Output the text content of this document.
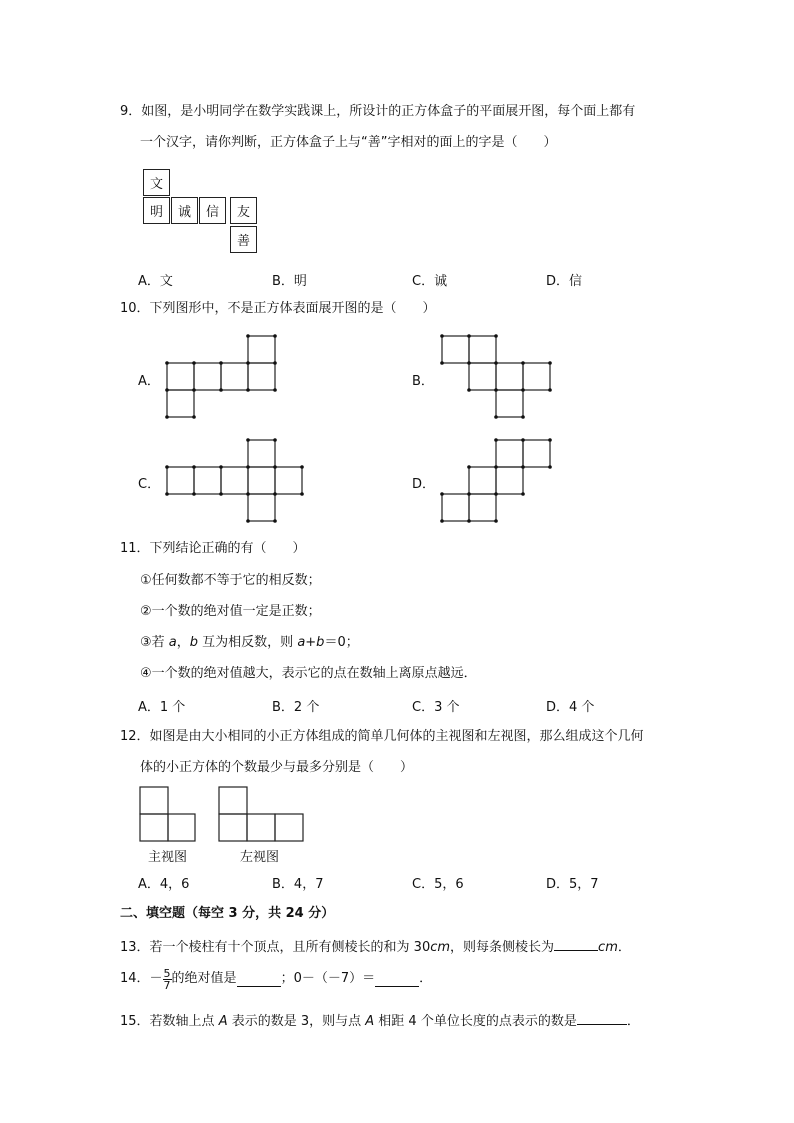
9．如图，是小明同学在数学实践课上，所设计的正方体盒子的平面展开图，每个面上都有
一个汉字，请你判断，正方体盒子上与“善”字相对的面上的字是（　　）
文
明	诚	信	友
善
A．文	B．明	C．诚	D．信
10．下列图形中，不是正方体表面展开图的是（　　）
A．	B．
C．	D．
11．下列结论正确的有（　　）
①任何数都不等于它的相反数；
②一个数的绝对值一定是正数；
③若 a，b 互为相反数，则 a+b＝0；
④一个数的绝对值越大，表示它的点在数轴上离原点越远．
A．1 个	B．2 个	C．3 个	D．4 个
12．如图是由大小相同的小正方体组成的简单几何体的主视图和左视图，那么组成这个几何
体的小正方体的个数最少与最多分别是（　　）
主视图	左视图
A．4，6	B．4，7	C．5，6	D．5，7
二、填空题（每空 3 分，共 24 分）
13．若一个棱柱有十个顶点，且所有侧棱长的和为 30cm，则每条侧棱长为	cm．
14．－ $\frac{5}{7}$ 的绝对值是	；0－（－7）＝	．
15．若数轴上点 A 表示的数是 3，则与点 A 相距 4 个单位长度的点表示的数是	．
